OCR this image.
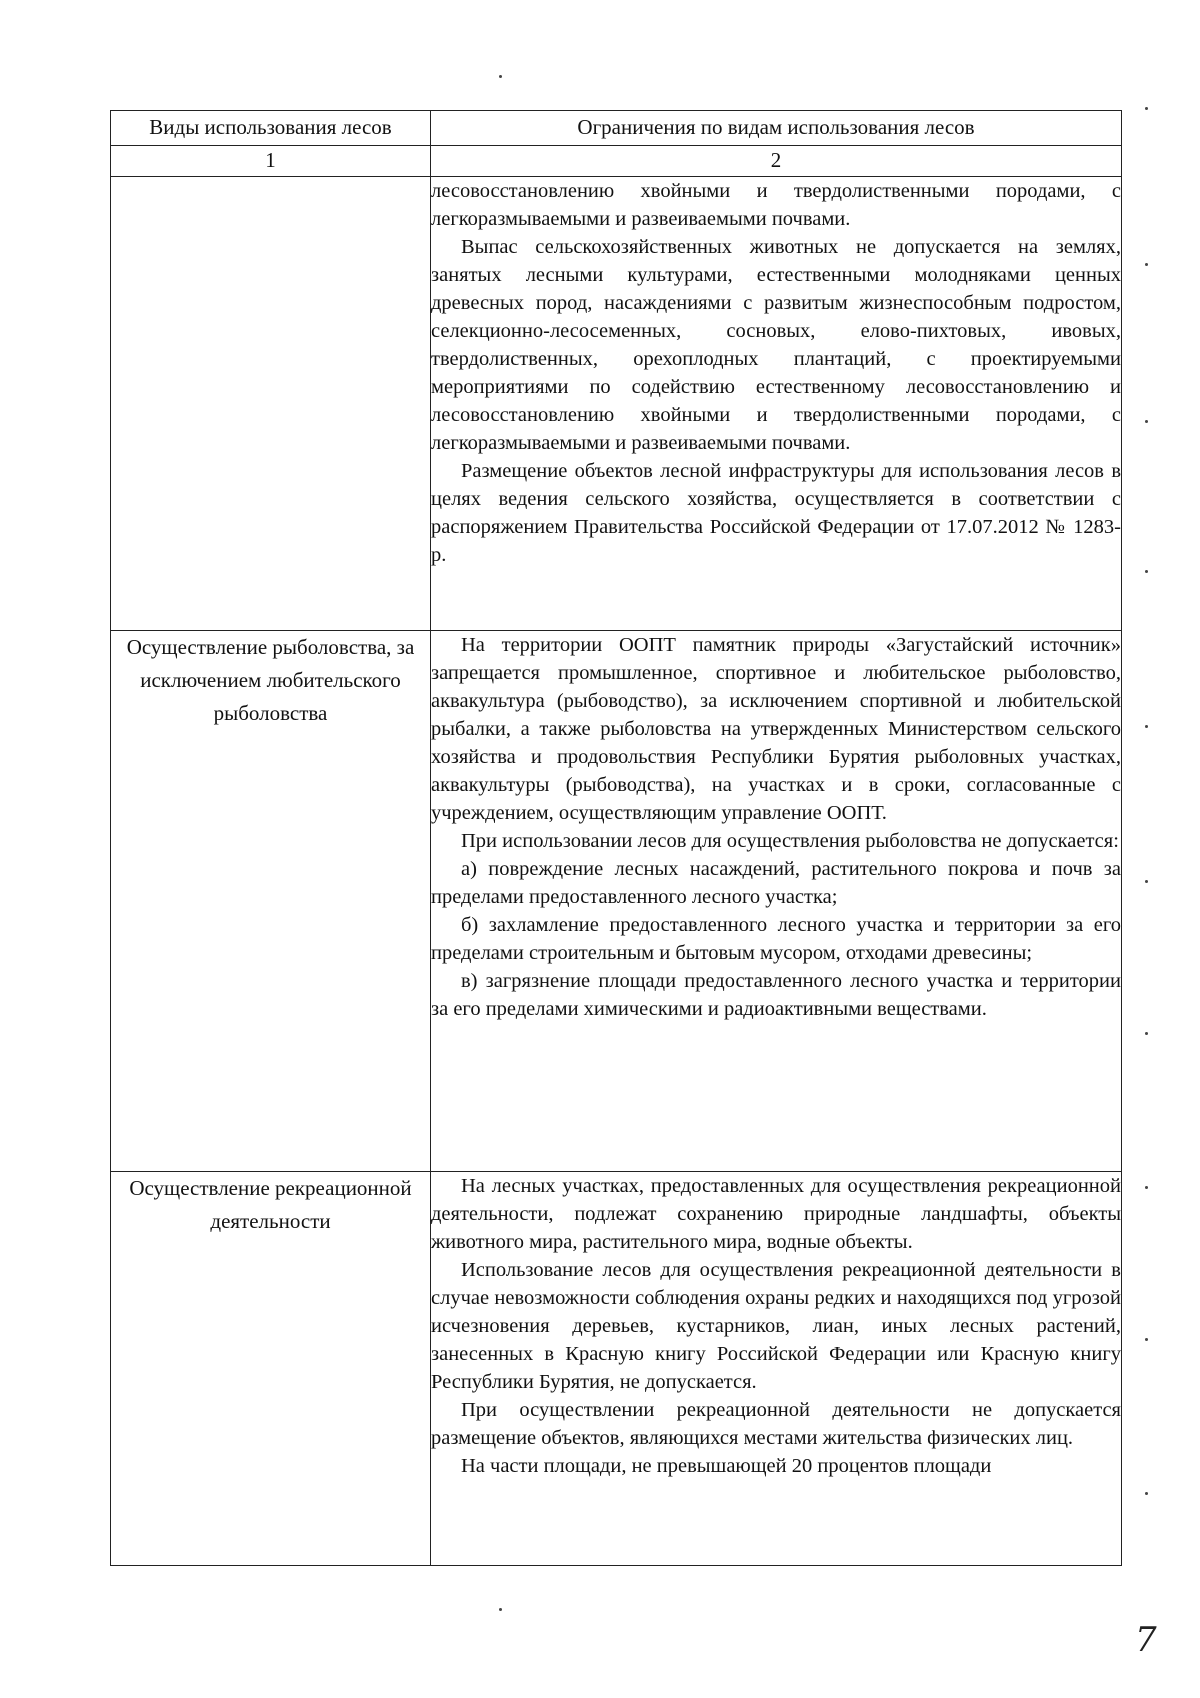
Виды использования лесов	Ограничения по видам использования лесов
1	2

	лесовосстановлению хвойными и твердолиственными породами, с легкоразмываемыми и развеиваемыми почвами.

Выпас сельскохозяйственных животных не допускается на землях, занятых лесными культурами, естественными молодняками ценных древесных пород, насаждениями с развитым жизнеспособным подростом, селекционно-лесосеменных, сосновых, елово-пихтовых, ивовых, твердолиственных, орехоплодных плантаций, с проектируемыми мероприятиями по содействию естественному лесовосстановлению и лесовосстановлению хвойными и твердолиственными породами, с легкоразмываемыми и развеиваемыми почвами.

Размещение объектов лесной инфраструктуры для использования лесов в целях ведения сельского хозяйства, осуществляется в соответствии с распоряжением Правительства Российской Федерации от 17.07.2012 № 1283-р.

Осуществление рыболовства, за исключением любительского рыболовства	На территории ООПТ памятник природы «Загустайский источник» запрещается промышленное, спортивное и любительское рыболовство, аквакультура (рыбоводство), за исключением спортивной и любительской рыбалки, а также рыболовства на утвержденных Министерством сельского хозяйства и продовольствия Республики Бурятия рыболовных участках, аквакультуры (рыбоводства), на участках и в сроки, согласованные с учреждением, осуществляющим управление ООПТ.

При использовании лесов для осуществления рыболовства не допускается:

а) повреждение лесных насаждений, растительного покрова и почв за пределами предоставленного лесного участка;

б) захламление предоставленного лесного участка и территории за его пределами строительным и бытовым мусором, отходами древесины;

в) загрязнение площади предоставленного лесного участка и территории за его пределами химическими и радиоактивными веществами.

Осуществление рекреационной деятельности	На лесных участках, предоставленных для осуществления рекреационной деятельности, подлежат сохранению природные ландшафты, объекты животного мира, растительного мира, водные объекты.

Использование лесов для осуществления рекреационной деятельности в случае невозможности соблюдения охраны редких и находящихся под угрозой исчезновения деревьев, кустарников, лиан, иных лесных растений, занесенных в Красную книгу Российской Федерации или Красную книгу Республики Бурятия, не допускается.

При осуществлении рекреационной деятельности не допускается размещение объектов, являющихся местами жительства физических лиц.

На части площади, не превышающей 20 процентов площади

7
